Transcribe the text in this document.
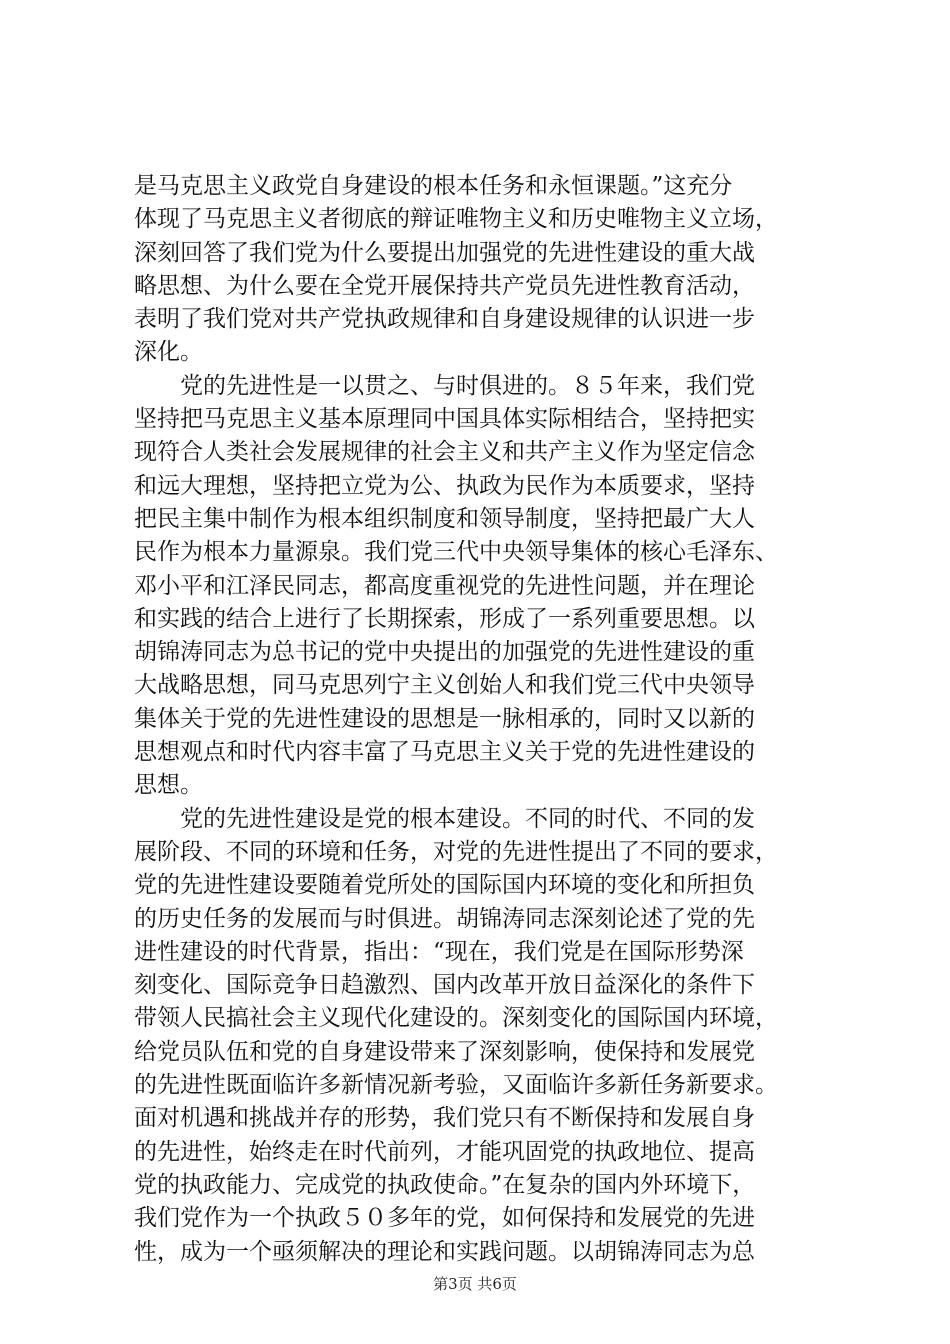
是马克思主义政党自身建设的根本任务和永恒课题。”这充分
体现了马克思主义者彻底的辩证唯物主义和历史唯物主义立场，
深刻回答了我们党为什么要提出加强党的先进性建设的重大战
略思想、为什么要在全党开展保持共产党员先进性教育活动，
表明了我们党对共产党执政规律和自身建设规律的认识进一步
深化。
　　党的先进性是一以贯之、与时俱进的。８５年来，我们党
坚持把马克思主义基本原理同中国具体实际相结合，坚持把实
现符合人类社会发展规律的社会主义和共产主义作为坚定信念
和远大理想，坚持把立党为公、执政为民作为本质要求，坚持
把民主集中制作为根本组织制度和领导制度，坚持把最广大人
民作为根本力量源泉。我们党三代中央领导集体的核心毛泽东、
邓小平和江泽民同志，都高度重视党的先进性问题，并在理论
和实践的结合上进行了长期探索，形成了一系列重要思想。以
胡锦涛同志为总书记的党中央提出的加强党的先进性建设的重
大战略思想，同马克思列宁主义创始人和我们党三代中央领导
集体关于党的先进性建设的思想是一脉相承的，同时又以新的
思想观点和时代内容丰富了马克思主义关于党的先进性建设的
思想。
　　党的先进性建设是党的根本建设。不同的时代、不同的发
展阶段、不同的环境和任务，对党的先进性提出了不同的要求，
党的先进性建设要随着党所处的国际国内环境的变化和所担负
的历史任务的发展而与时俱进。胡锦涛同志深刻论述了党的先
进性建设的时代背景，指出：“现在，我们党是在国际形势深
刻变化、国际竞争日趋激烈、国内改革开放日益深化的条件下
带领人民搞社会主义现代化建设的。深刻变化的国际国内环境，
给党员队伍和党的自身建设带来了深刻影响，使保持和发展党
的先进性既面临许多新情况新考验，又面临许多新任务新要求。
面对机遇和挑战并存的形势，我们党只有不断保持和发展自身
的先进性，始终走在时代前列，才能巩固党的执政地位、提高
党的执政能力、完成党的执政使命。”在复杂的国内外环境下，
我们党作为一个执政５０多年的党，如何保持和发展党的先进
性，成为一个亟须解决的理论和实践问题。以胡锦涛同志为总
第3页 共6页
